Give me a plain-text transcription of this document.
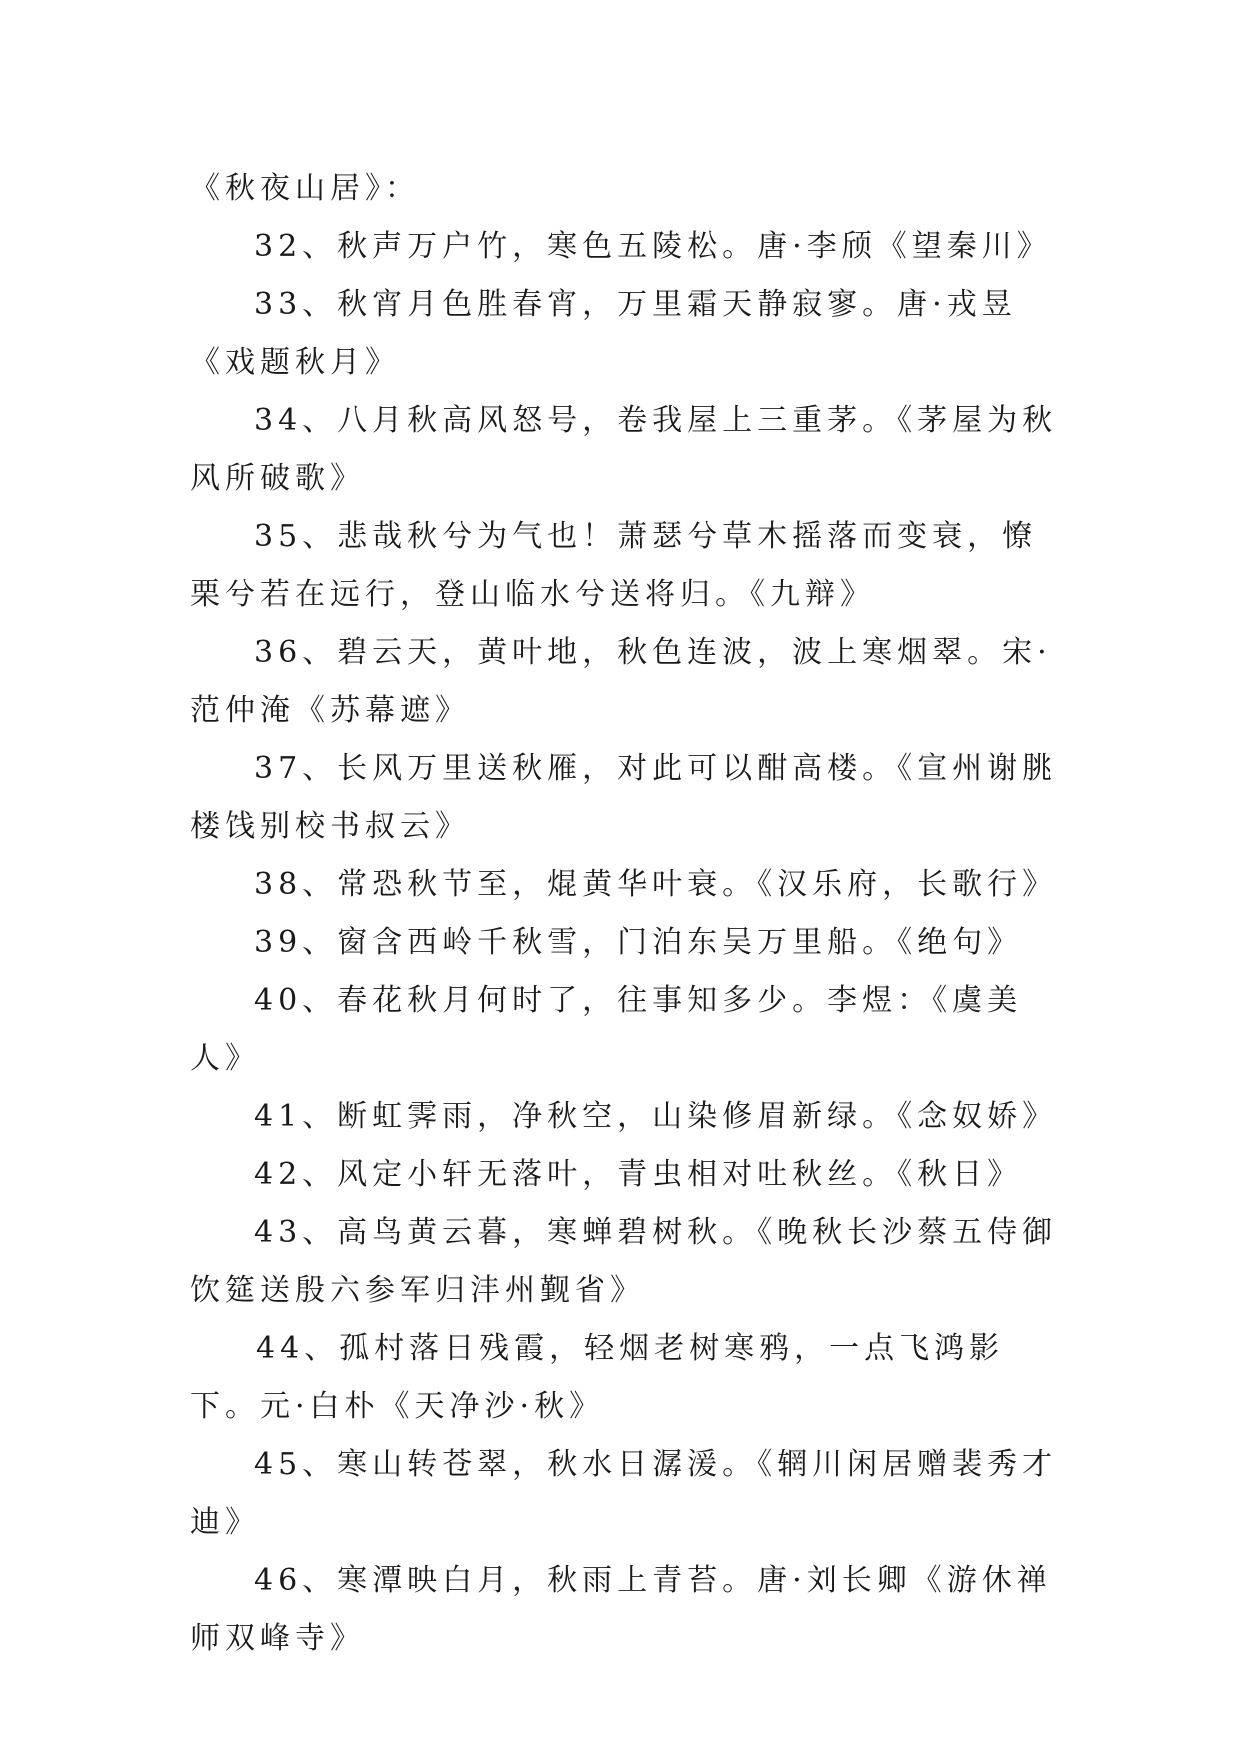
《秋夜山居》：

32、秋声万户竹，寒色五陵松。唐·李颀《望秦川》

33、秋宵月色胜春宵，万里霜天静寂寥。唐·戎昱《戏题秋月》

34、八月秋高风怒号，卷我屋上三重茅。《茅屋为秋风所破歌》

35、悲哉秋兮为气也！萧瑟兮草木摇落而变衰，憭栗兮若在远行，登山临水兮送将归。《九辩》

36、碧云天，黄叶地，秋色连波，波上寒烟翠。宋·范仲淹《苏幕遮》

37、长风万里送秋雁，对此可以酣高楼。《宣州谢朓楼饯别校书叔云》

38、常恐秋节至，焜黄华叶衰。《汉乐府，长歌行》

39、窗含西岭千秋雪，门泊东吴万里船。《绝句》

40、春花秋月何时了，往事知多少。李煜：《虞美人》

41、断虹霁雨，净秋空，山染修眉新绿。《念奴娇》

42、风定小轩无落叶，青虫相对吐秋丝。《秋日》

43、高鸟黄云暮，寒蝉碧树秋。《晚秋长沙蔡五侍御饮筵送殷六参军归沣州觐省》

44、孤村落日残霞，轻烟老树寒鸦，一点飞鸿影下。元·白朴《天净沙·秋》

45、寒山转苍翠，秋水日潺湲。《辋川闲居赠裴秀才迪》

46、寒潭映白月，秋雨上青苔。唐·刘长卿《游休禅师双峰寺》
